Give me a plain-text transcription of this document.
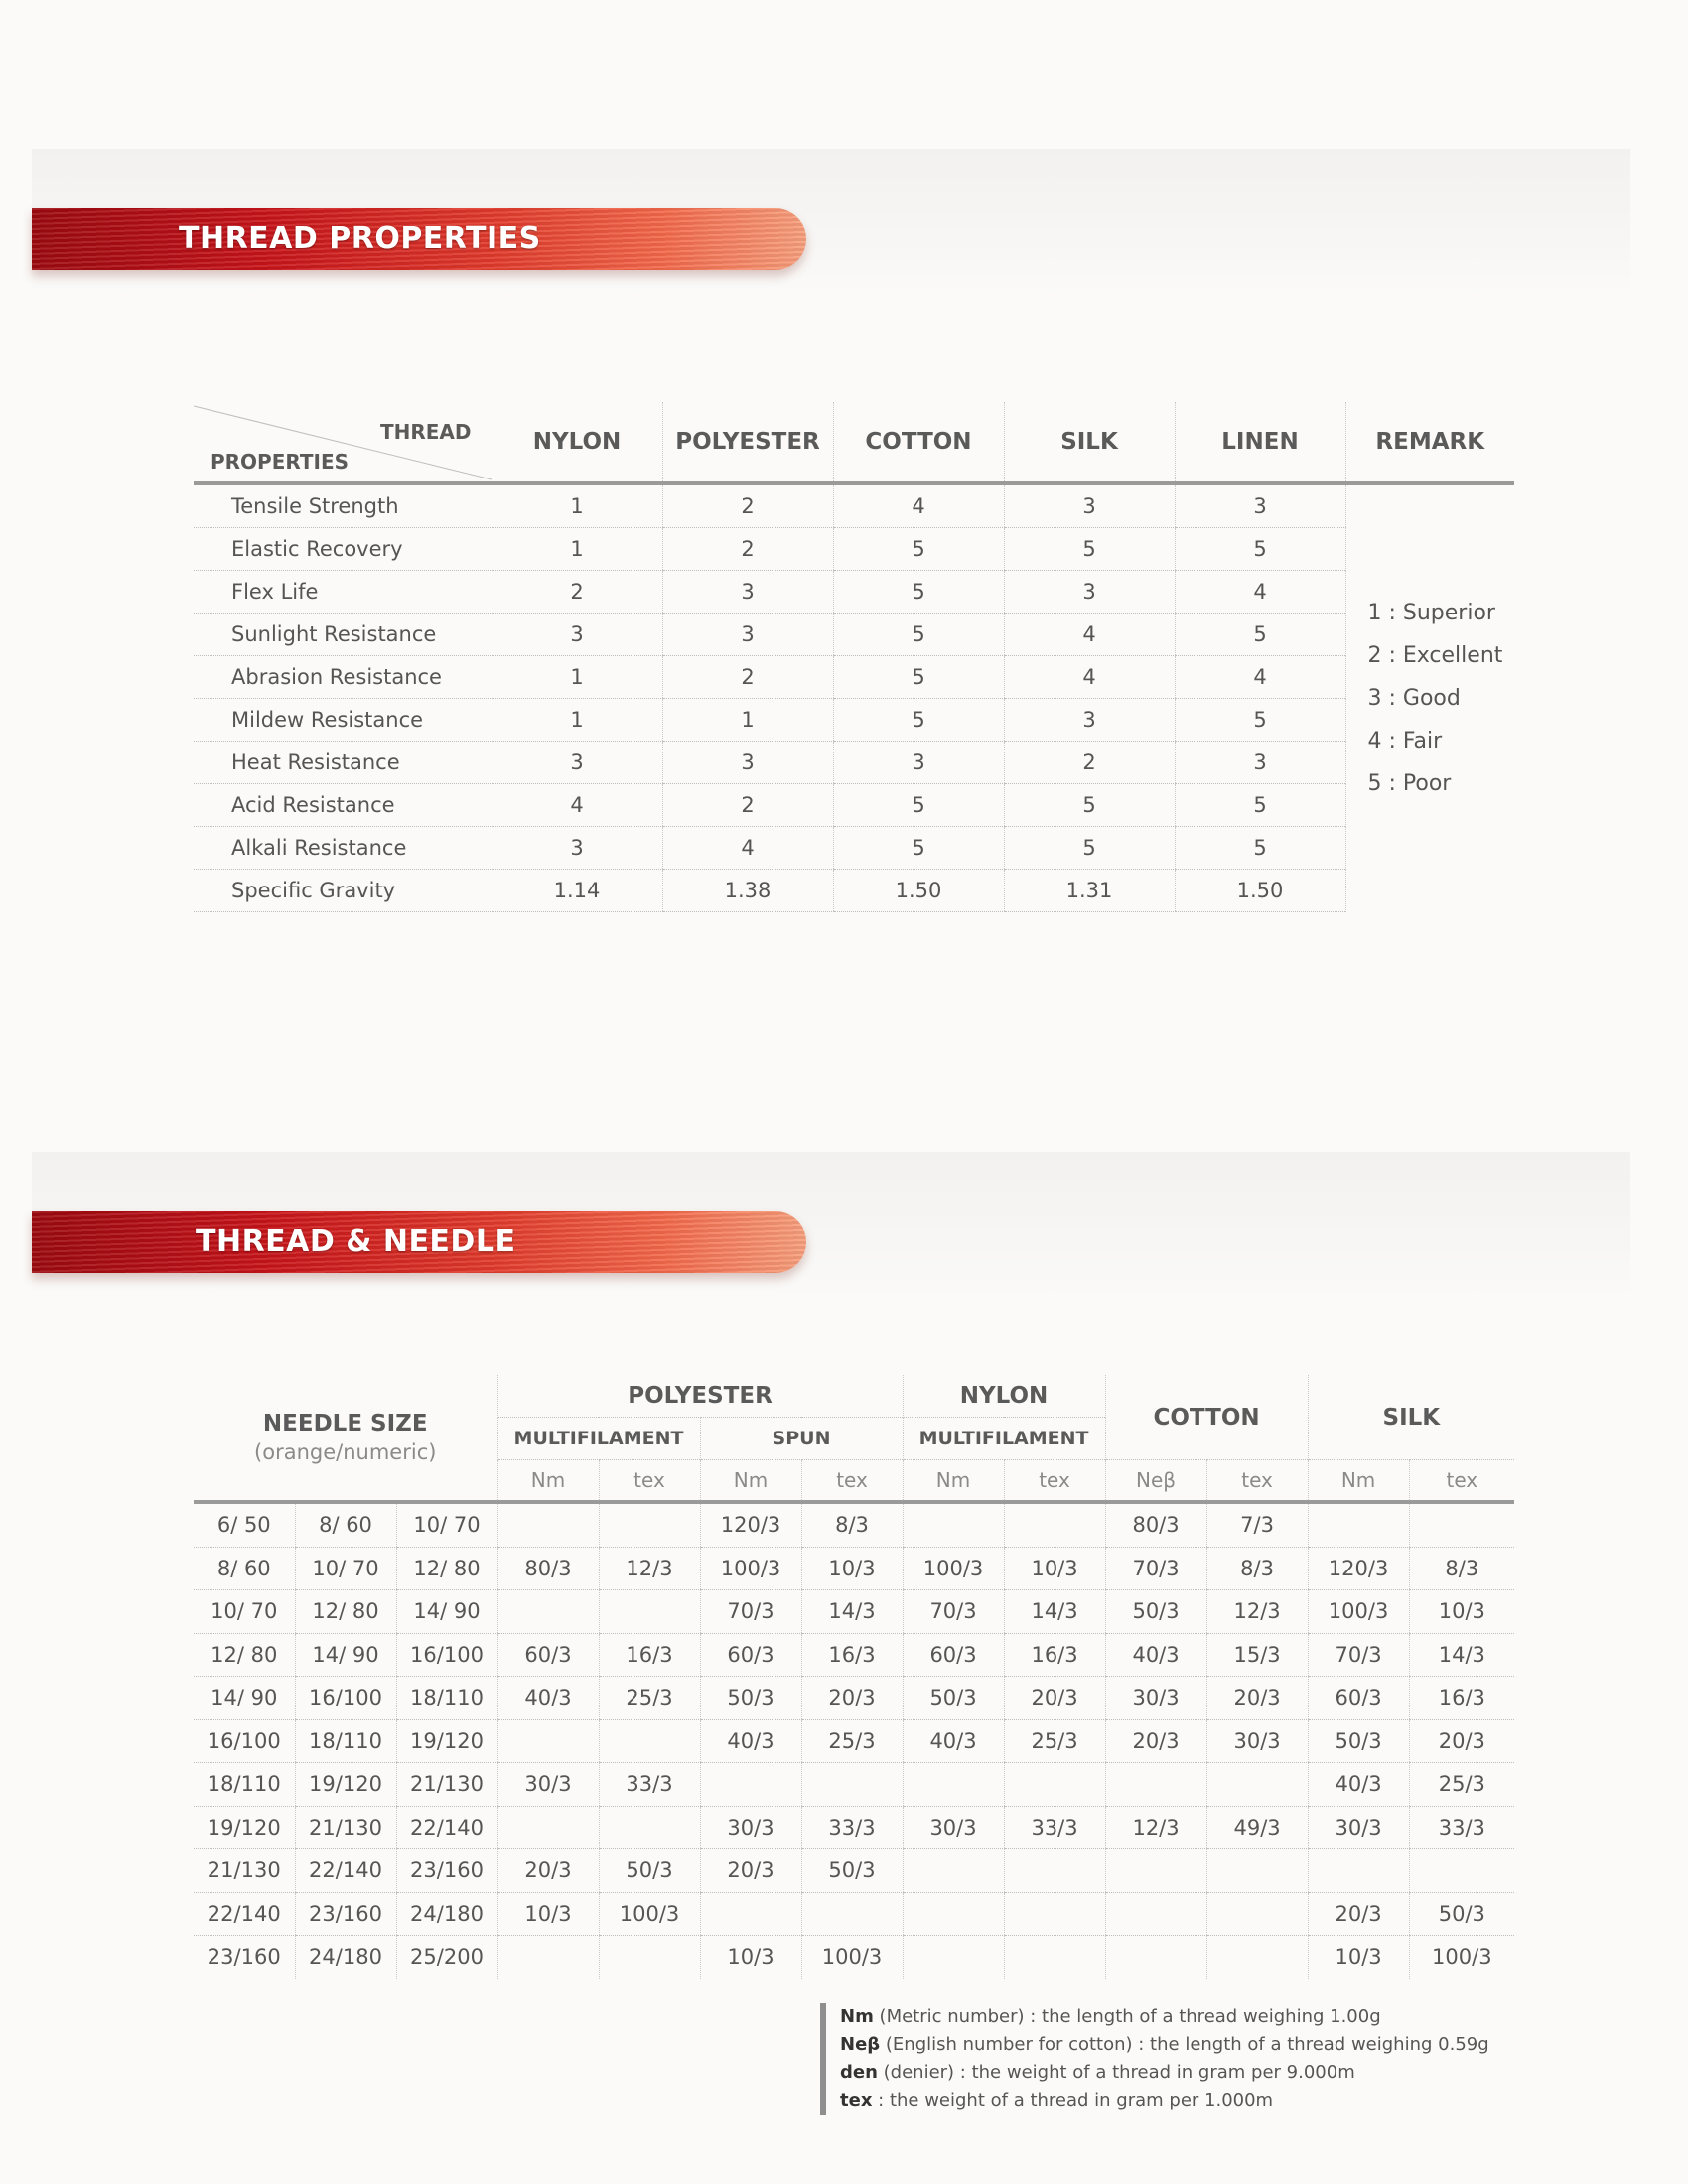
THREAD PROPERTIES
THREAD
PROPERTIES	NYLON	POLYESTER	COTTON	SILK	LINEN	REMARK
Tensile Strength	1	2	4	3	3	1 : Superior
2 : Excellent
3 : Good
4 : Fair
5 : Poor

Elastic Recovery	1	2	5	5	5	
Flex Life	2	3	5	3	4	
Sunlight Resistance	3	3	5	4	5	
Abrasion Resistance	1	2	5	4	4	
Mildew Resistance	1	1	5	3	5	
Heat Resistance	3	3	3	2	3	
Acid Resistance	4	2	5	5	5	
Alkali Resistance	3	4	5	5	5	
Specific Gravity	1.14	1.38	1.50	1.31	1.50	
THREAD & NEEDLE
NEEDLE SIZE
(orange/numeric)			POLYESTER				NYLON		COTTON		SILK	
			MULTIFILAMENT		SPUN		MULTIFILAMENT					
			Nm	tex	Nm	tex	Nm	tex	Neβ	tex	Nm	tex
6/ 50	8/ 60	10/ 70			120/3	8/3			80/3	7/3		
8/ 60	10/ 70	12/ 80	80/3	12/3	100/3	10/3	100/3	10/3	70/3	8/3	120/3	8/3
10/ 70	12/ 80	14/ 90			70/3	14/3	70/3	14/3	50/3	12/3	100/3	10/3
12/ 80	14/ 90	16/100	60/3	16/3	60/3	16/3	60/3	16/3	40/3	15/3	70/3	14/3
14/ 90	16/100	18/110	40/3	25/3	50/3	20/3	50/3	20/3	30/3	20/3	60/3	16/3
16/100	18/110	19/120			40/3	25/3	40/3	25/3	20/3	30/3	50/3	20/3
18/110	19/120	21/130	30/3	33/3							40/3	25/3
19/120	21/130	22/140			30/3	33/3	30/3	33/3	12/3	49/3	30/3	33/3
21/130	22/140	23/160	20/3	50/3	20/3	50/3						
22/140	23/160	24/180	10/3	100/3							20/3	50/3
23/160	24/180	25/200			10/3	100/3					10/3	100/3
Nm (Metric number) : the length of a thread weighing 1.00g
Neβ (English number for cotton) : the length of a thread weighing 0.59g
den (denier) : the weight of a thread in gram per 9.000m
tex : the weight of a thread in gram per 1.000m
